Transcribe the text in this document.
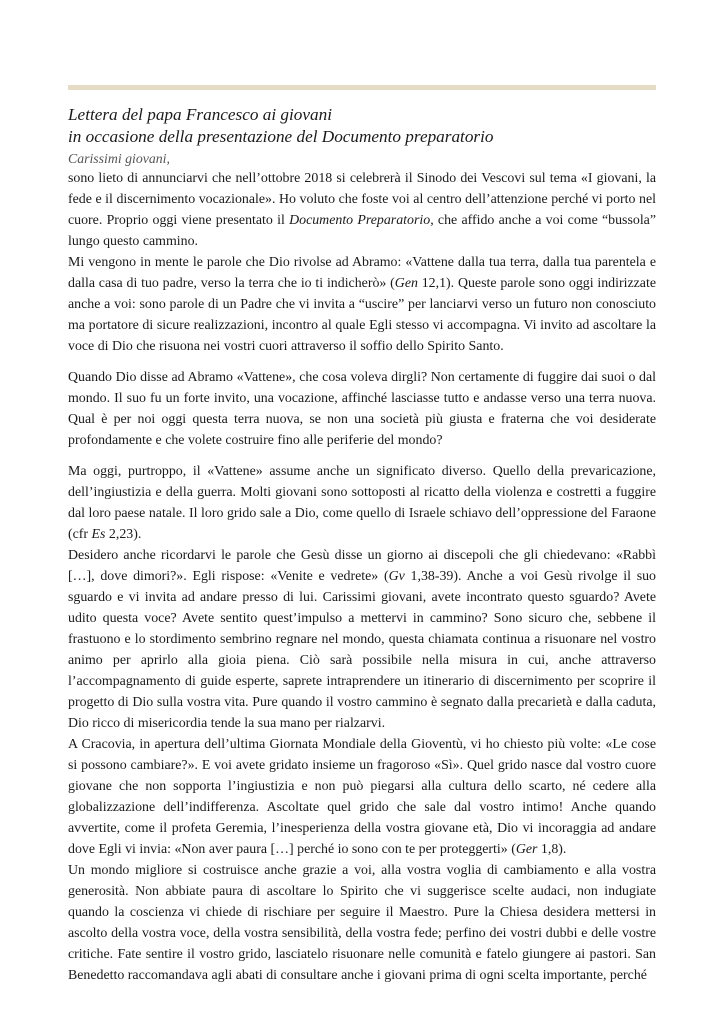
Lettera del papa Francesco ai giovani

in occasione della presentazione del Documento preparatorio

Carissimi giovani,

sono lieto di annunciarvi che nell’ottobre 2018 si celebrerà il Sinodo dei Vescovi sul tema «I giovani, la fede e il discernimento vocazionale». Ho voluto che foste voi al centro dell’attenzione perché vi porto nel cuore. Proprio oggi viene presentato il Documento Preparatorio, che affido anche a voi come “bussola” lungo questo cammino.

Mi vengono in mente le parole che Dio rivolse ad Abramo: «Vattene dalla tua terra, dalla tua parentela e dalla casa di tuo padre, verso la terra che io ti indicherò» (Gen 12,1). Queste parole sono oggi indirizzate anche a voi: sono parole di un Padre che vi invita a “uscire” per lanciarvi verso un futuro non conosciuto ma portatore di sicure realizzazioni, incontro al quale Egli stesso vi accompagna. Vi invito ad ascoltare la voce di Dio che risuona nei vostri cuori attraverso il soffio dello Spirito Santo.

Quando Dio disse ad Abramo «Vattene», che cosa voleva dirgli? Non certamente di fuggire dai suoi o dal mondo. Il suo fu un forte invito, una vocazione, affinché lasciasse tutto e andasse verso una terra nuova. Qual è per noi oggi questa terra nuova, se non una società più giusta e fraterna che voi desiderate profondamente e che volete costruire fino alle periferie del mondo?

Ma oggi, purtroppo, il «Vattene» assume anche un significato diverso. Quello della prevaricazione, dell’ingiustizia e della guerra. Molti giovani sono sottoposti al ricatto della violenza e costretti a fuggire dal loro paese natale. Il loro grido sale a Dio, come quello di Israele schiavo dell’oppressione del Faraone (cfr Es 2,23).

Desidero anche ricordarvi le parole che Gesù disse un giorno ai discepoli che gli chiedevano: «Rabbì […], dove dimori?». Egli rispose: «Venite e vedrete» (Gv 1,38-39). Anche a voi Gesù rivolge il suo sguardo e vi invita ad andare presso di lui. Carissimi giovani, avete incontrato questo sguardo? Avete udito questa voce? Avete sentito quest’impulso a mettervi in cammino? Sono sicuro che, sebbene il frastuono e lo stordimento sembrino regnare nel mondo, questa chiamata continua a risuonare nel vostro animo per aprirlo alla gioia piena. Ciò sarà possibile nella misura in cui, anche attraverso l’accompagnamento di guide esperte, saprete intraprendere un itinerario di discernimento per scoprire il progetto di Dio sulla vostra vita. Pure quando il vostro cammino è segnato dalla precarietà e dalla caduta, Dio ricco di misericordia tende la sua mano per rialzarvi.

A Cracovia, in apertura dell’ultima Giornata Mondiale della Gioventù, vi ho chiesto più volte: «Le cose si possono cambiare?». E voi avete gridato insieme un fragoroso «Sì». Quel grido nasce dal vostro cuore giovane che non sopporta l’ingiustizia e non può piegarsi alla cultura dello scarto, né cedere alla globalizzazione dell’indifferenza. Ascoltate quel grido che sale dal vostro intimo! Anche quando avvertite, come il profeta Geremia, l’inesperienza della vostra giovane età, Dio vi incoraggia ad andare dove Egli vi invia: «Non aver paura […] perché io sono con te per proteggerti» (Ger 1,8).

Un mondo migliore si costruisce anche grazie a voi, alla vostra voglia di cambiamento e alla vostra generosità. Non abbiate paura di ascoltare lo Spirito che vi suggerisce scelte audaci, non indugiate quando la coscienza vi chiede di rischiare per seguire il Maestro. Pure la Chiesa desidera mettersi in ascolto della vostra voce, della vostra sensibilità, della vostra fede; perfino dei vostri dubbi e delle vostre critiche. Fate sentire il vostro grido, lasciatelo risuonare nelle comunità e fatelo giungere ai pastori. San Benedetto raccomandava agli abati di consultare anche i giovani prima di ogni scelta importante, perché
